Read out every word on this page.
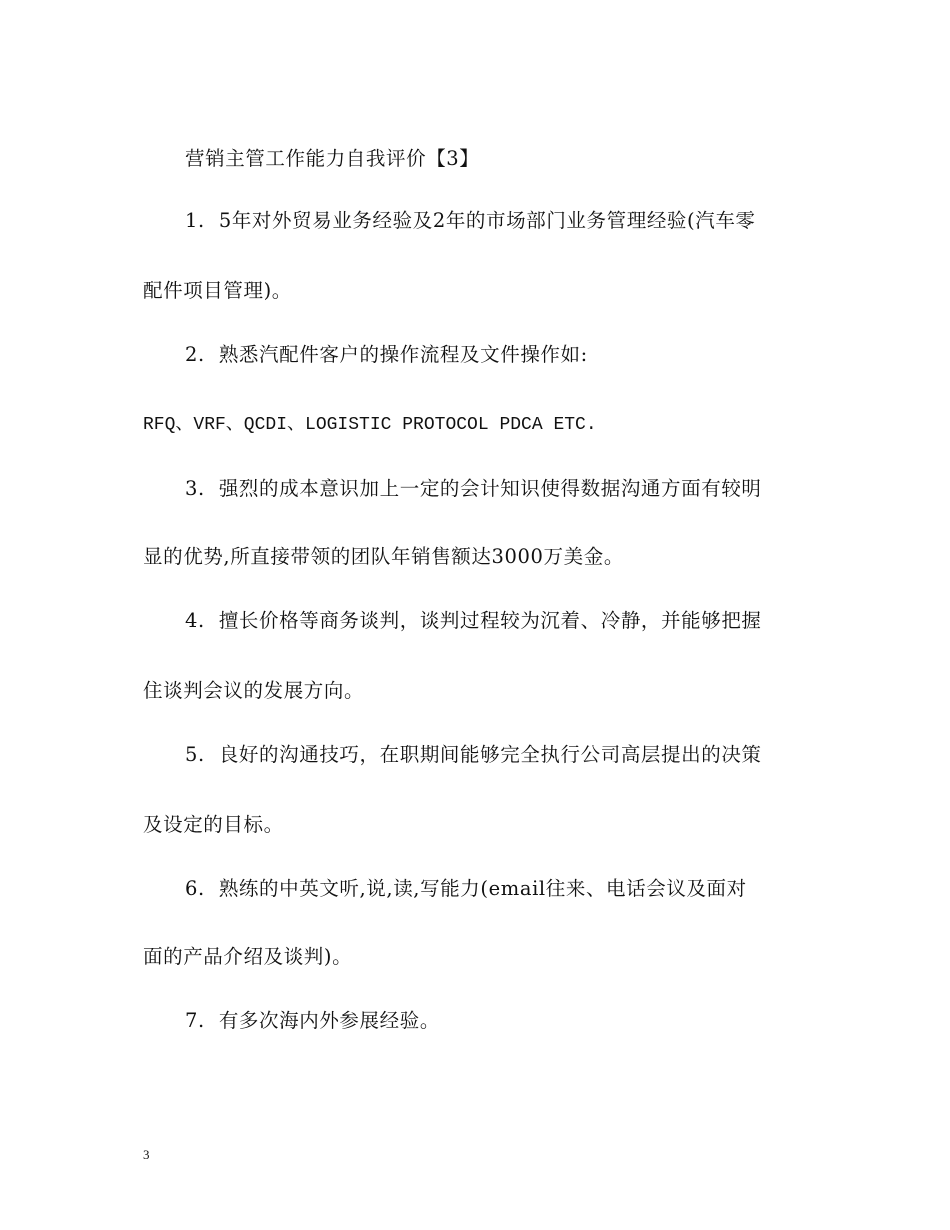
营销主管工作能力自我评价【3】
1. 5年对外贸易业务经验及2年的市场部门业务管理经验(汽车零
配件项目管理)。
2. 熟悉汽配件客户的操作流程及文件操作如:
RFQ、VRF、QCDI、LOGISTIC PROTOCOL PDCA ETC.
3. 强烈的成本意识加上一定的会计知识使得数据沟通方面有较明
显的优势,所直接带领的团队年销售额达3000万美金。
4. 擅长价格等商务谈判，谈判过程较为沉着、冷静，并能够把握
住谈判会议的发展方向。
5. 良好的沟通技巧，在职期间能够完全执行公司高层提出的决策
及设定的目标。
6. 熟练的中英文听,说,读,写能力(email往来、电话会议及面对
面的产品介绍及谈判)。
7. 有多次海内外参展经验。
3
